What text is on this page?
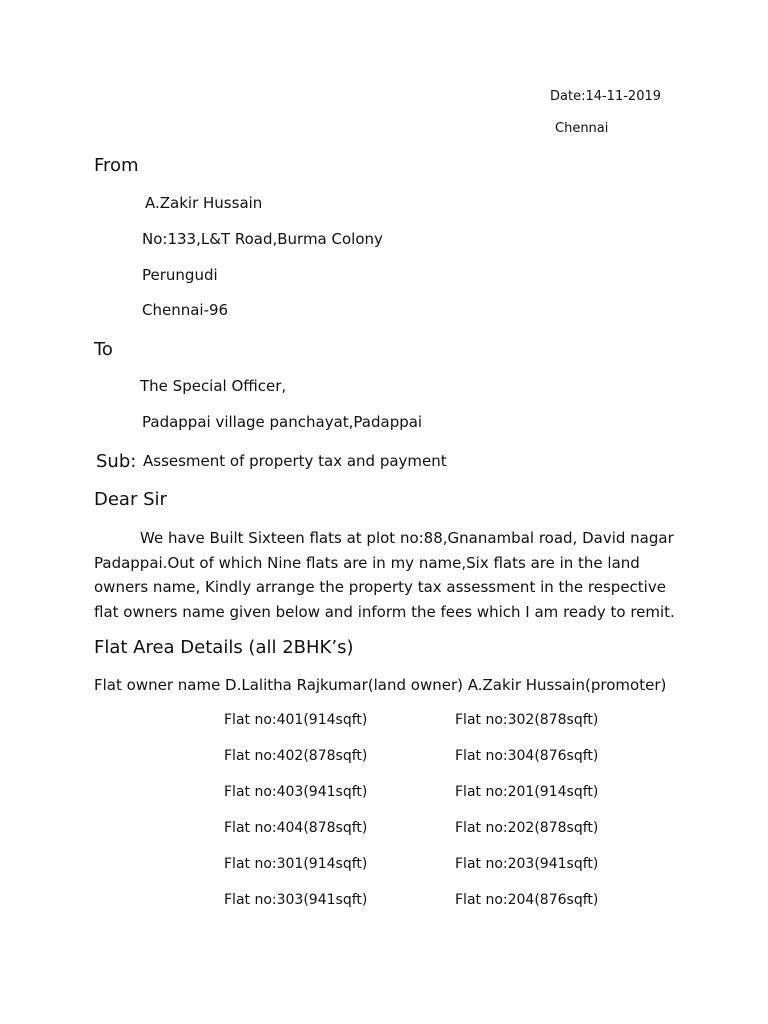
Date:14-11-2019
Chennai
From
A.Zakir Hussain
No:133,L&T Road,Burma Colony
Perungudi
Chennai-96
To
The Special Officer,
Padappai village panchayat,Padappai
Sub: Assesment of property tax and payment
Dear Sir
We have Built Sixteen flats at plot no:88,Gnanambal road, David nagar Padappai.Out of which Nine flats are in my name,Six flats are in the land owners name, Kindly arrange the property tax assessment in the respective flat owners name given below and inform the fees which I am ready to remit.
Flat Area Details (all 2BHK’s)
Flat owner name D.Lalitha Rajkumar(land owner) A.Zakir Hussain(promoter)
Flat no:401(914sqft)
Flat no:402(878sqft)
Flat no:403(941sqft)
Flat no:404(878sqft)
Flat no:301(914sqft)
Flat no:303(941sqft)
Flat no:302(878sqft)
Flat no:304(876sqft)
Flat no:201(914sqft)
Flat no:202(878sqft)
Flat no:203(941sqft)
Flat no:204(876sqft)
